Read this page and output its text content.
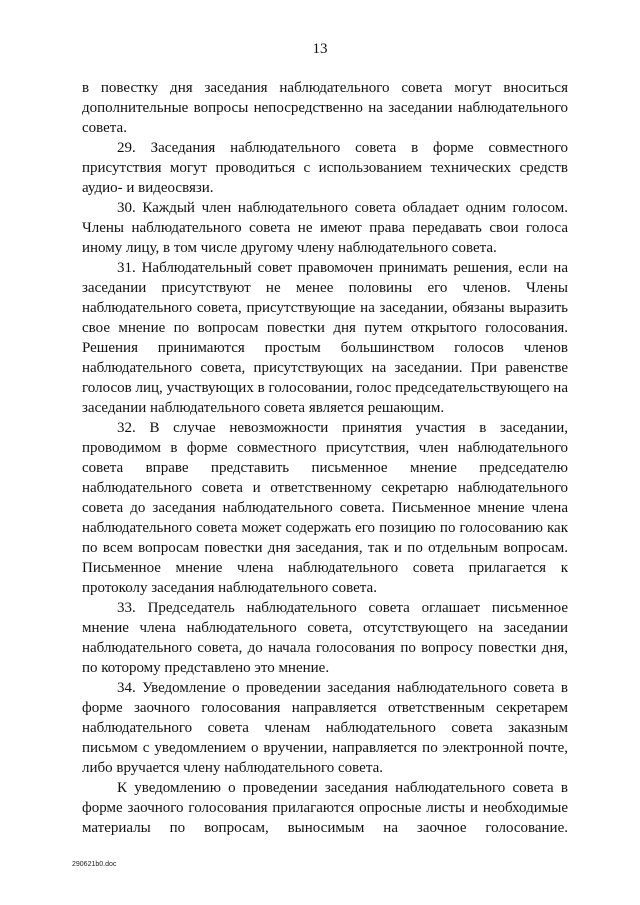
13

в повестку дня заседания наблюдательного совета могут вноситься дополнительные вопросы непосредственно на заседании наблюдательного совета.

29. Заседания наблюдательного совета в форме совместного присутствия могут проводиться с использованием технических средств аудио- и видеосвязи.

30. Каждый член наблюдательного совета обладает одним голосом. Члены наблюдательного совета не имеют права передавать свои голоса иному лицу, в том числе другому члену наблюдательного совета.

31. Наблюдательный совет правомочен принимать решения, если на заседании присутствуют не менее половины его членов. Члены наблюдательного совета, присутствующие на заседании, обязаны выразить свое мнение по вопросам повестки дня путем открытого голосования. Решения принимаются простым большинством голосов членов наблюдательного совета, присутствующих на заседании. При равенстве голосов лиц, участвующих в голосовании, голос председательствующего на заседании наблюдательного совета является решающим.

32. В случае невозможности принятия участия в заседании, проводимом в форме совместного присутствия, член наблюдательного совета вправе представить письменное мнение председателю наблюдательного совета и ответственному секретарю наблюдательного совета до заседания наблюдательного совета. Письменное мнение члена наблюдательного совета может содержать его позицию по голосованию как по всем вопросам повестки дня заседания, так и по отдельным вопросам. Письменное мнение члена наблюдательного совета прилагается к протоколу заседания наблюдательного совета.

33. Председатель наблюдательного совета оглашает письменное мнение члена наблюдательного совета, отсутствующего на заседании наблюдательного совета, до начала голосования по вопросу повестки дня, по которому представлено это мнение.

34. Уведомление о проведении заседания наблюдательного совета в форме заочного голосования направляется ответственным секретарем наблюдательного совета членам наблюдательного совета заказным письмом с уведомлением о вручении, направляется по электронной почте, либо вручается члену наблюдательного совета.

К уведомлению о проведении заседания наблюдательного совета в форме заочного голосования прилагаются опросные листы и необходимые материалы по вопросам, выносимым на заочное голосование.

290621b0.doc
